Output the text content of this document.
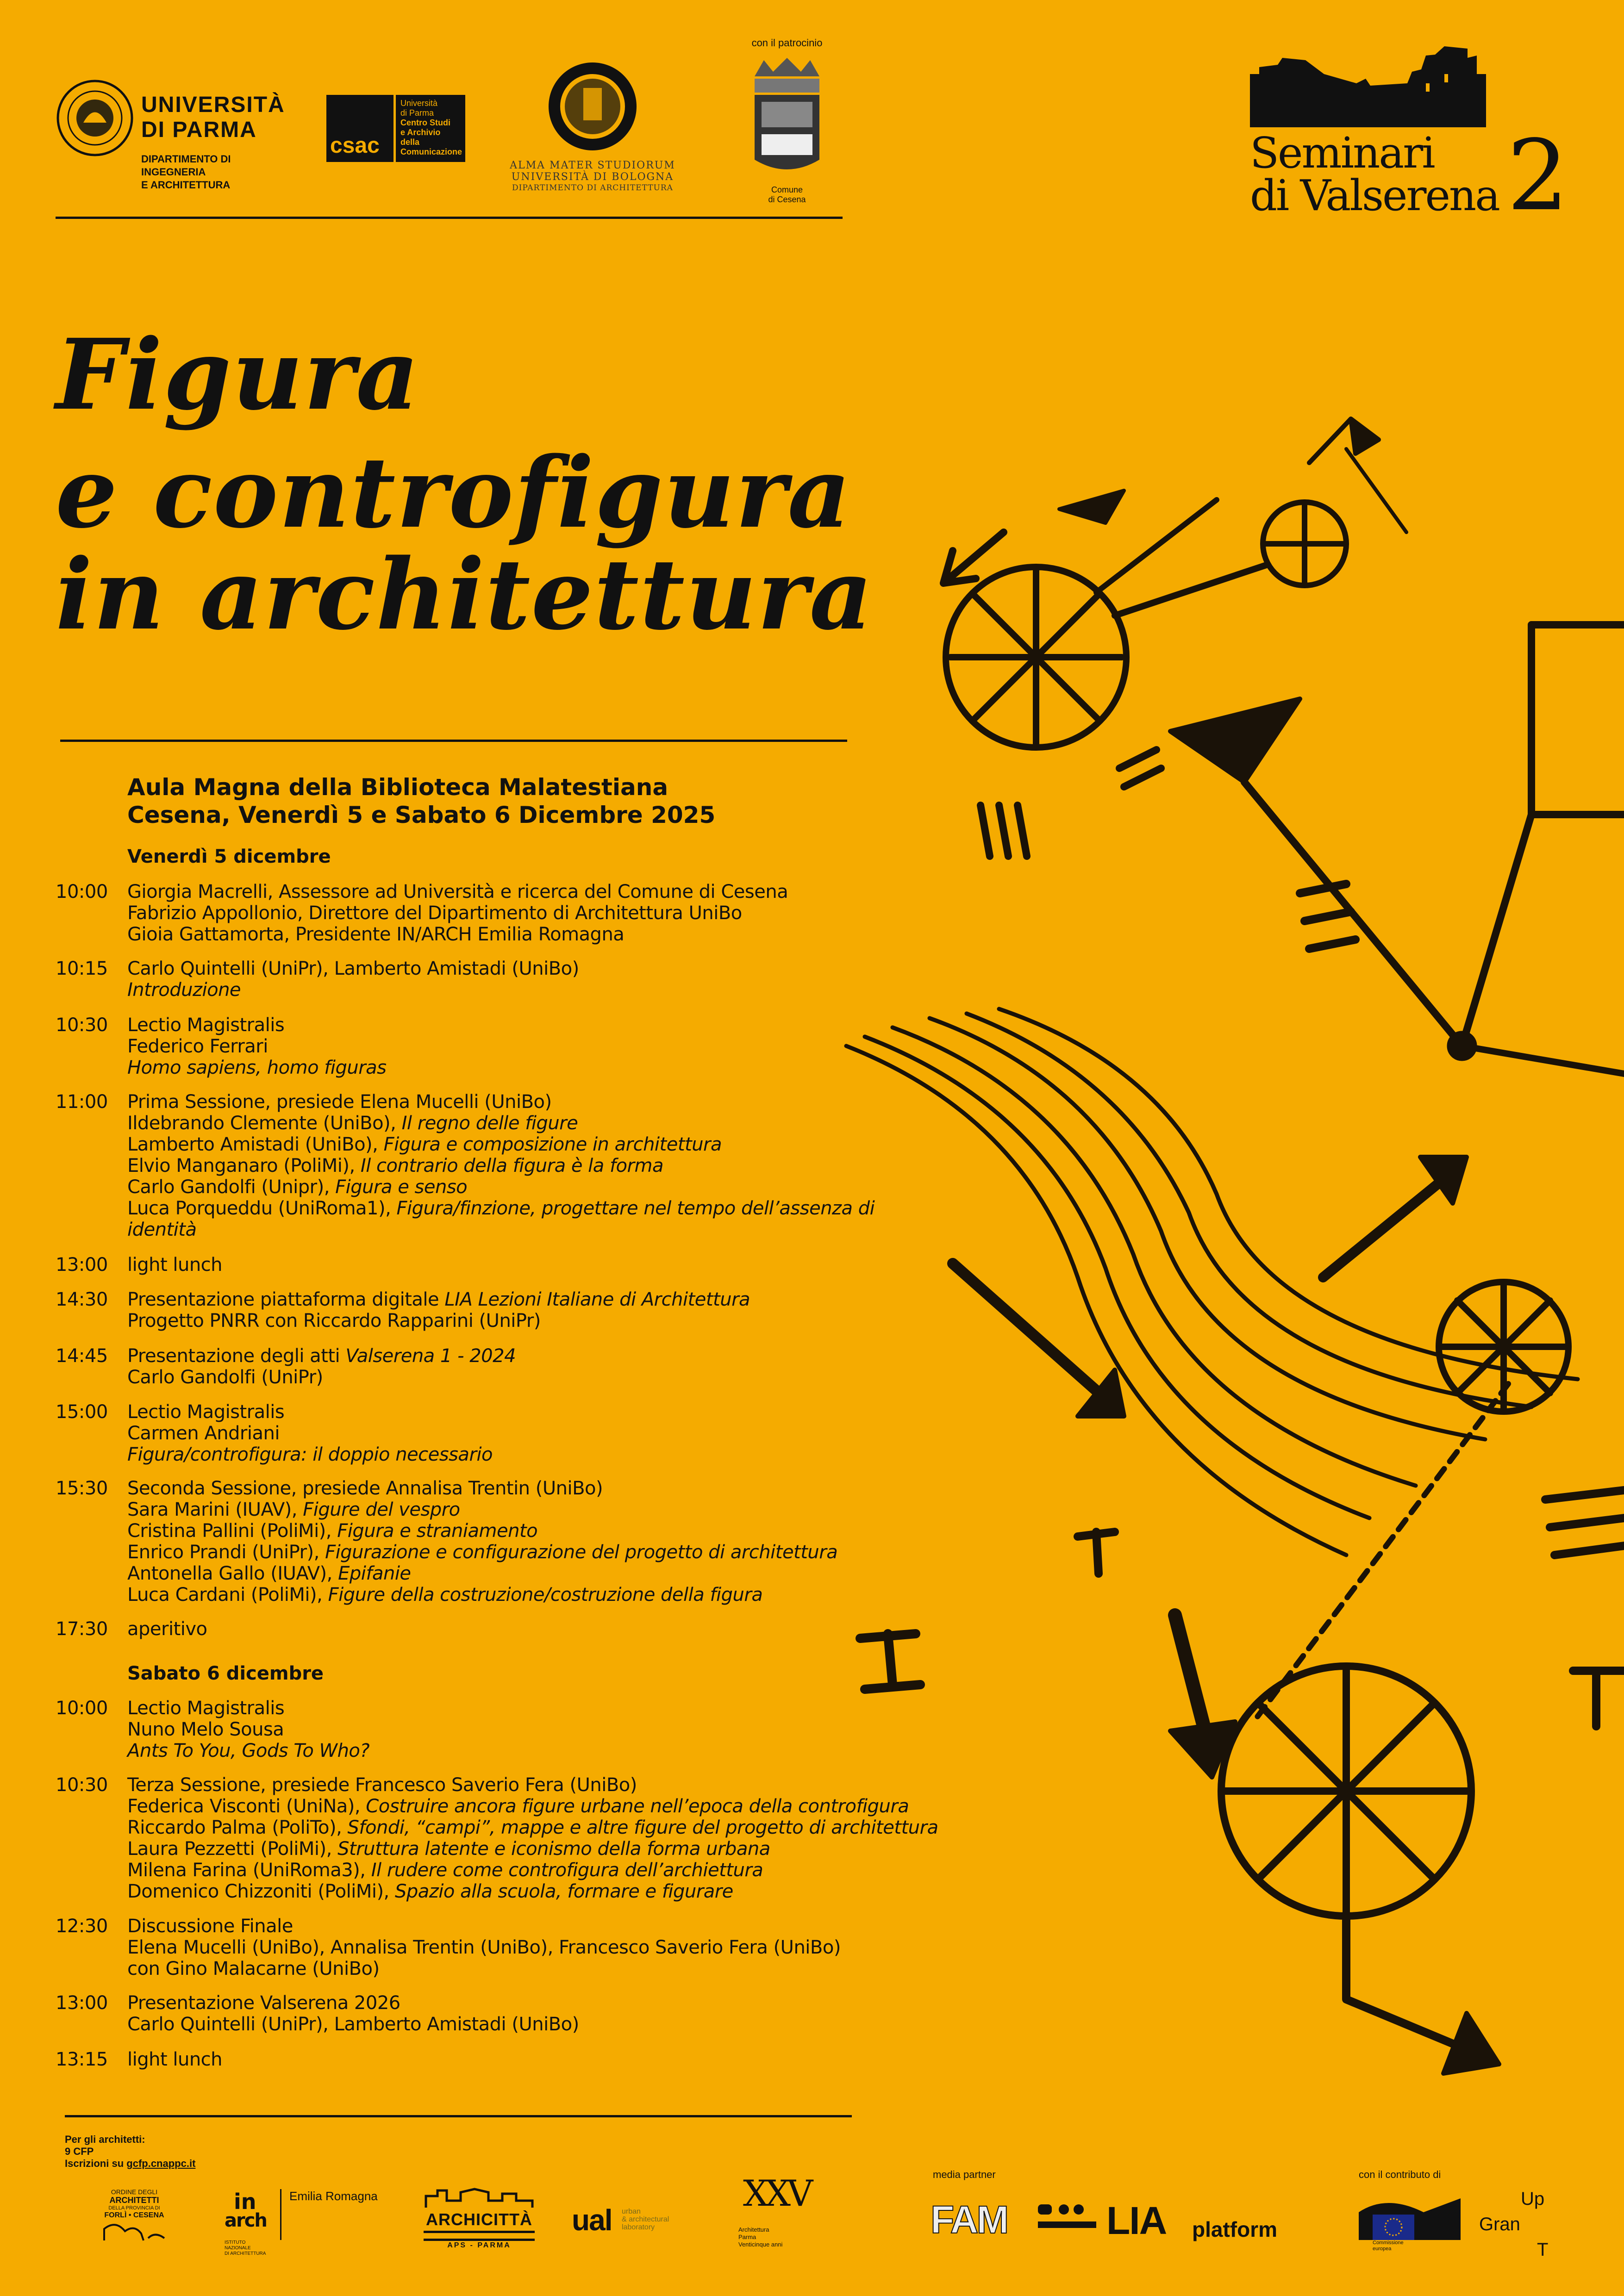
UNIVERSITÀ
DI PARMA
DIPARTIMENTO DI INGEGNERIA
E ARCHITETTURA
csac
Università
di Parma
Centro Studi
e Archivio della
Comunicazione
ALMA MATER STUDIORUM
UNIVERSITÀ DI BOLOGNA
DIPARTIMENTO DI ARCHITETTURA
con il patrocinio
Comune
di Cesena
Seminari
di Valserena 2
Figura
e controfigura
in architettura
Aula Magna della Biblioteca Malatestiana
Cesena, Venerdì 5 e Sabato 6 Dicembre 2025
Venerdì 5 dicembre
10:00	Giorgia Macrelli, Assessore ad Università e ricerca del Comune di Cesena
Fabrizio Appollonio, Direttore del Dipartimento di Architettura UniBo
Gioia Gattamorta, Presidente IN/ARCH Emilia Romagna
10:15	Carlo Quintelli (UniPr), Lamberto Amistadi (UniBo)
Introduzione
10:30	Lectio Magistralis
Federico Ferrari
Homo sapiens, homo figuras
11:00	Prima Sessione, presiede Elena Mucelli (UniBo)
Ildebrando Clemente (UniBo), Il regno delle figure
Lamberto Amistadi (UniBo), Figura e composizione in architettura
Elvio Manganaro (PoliMi), Il contrario della figura è la forma
Carlo Gandolfi (Unipr), Figura e senso
Luca Porqueddu (UniRoma1), Figura/finzione, progettare nel tempo dell’assenza di
identità
13:00	light lunch
14:30	Presentazione piattaforma digitale LIA Lezioni Italiane di Architettura
Progetto PNRR con Riccardo Rapparini (UniPr)
14:45	Presentazione degli atti Valserena 1 - 2024
Carlo Gandolfi (UniPr)
15:00	Lectio Magistralis
Carmen Andriani
Figura/controfigura: il doppio necessario
15:30	Seconda Sessione, presiede Annalisa Trentin (UniBo)
Sara Marini (IUAV), Figure del vespro
Cristina Pallini (PoliMi), Figura e straniamento
Enrico Prandi (UniPr), Figurazione e configurazione del progetto di architettura
Antonella Gallo (IUAV), Epifanie
Luca Cardani (PoliMi), Figure della costruzione/costruzione della figura
17:30	aperitivo
Sabato 6 dicembre
10:00	Lectio Magistralis
Nuno Melo Sousa
Ants To You, Gods To Who?
10:30	Terza Sessione, presiede Francesco Saverio Fera (UniBo)
Federica Visconti (UniNa), Costruire ancora figure urbane nell’epoca della controfigura
Riccardo Palma (PoliTo), Sfondi, “campi”, mappe e altre figure del progetto di architettura
Laura Pezzetti (PoliMi), Struttura latente e iconismo della forma urbana
Milena Farina (UniRoma3), Il rudere come controfigura dell’archiettura
Domenico Chizzoniti (PoliMi), Spazio alla scuola, formare e figurare
12:30	Discussione Finale
Elena Mucelli (UniBo), Annalisa Trentin (UniBo), Francesco Saverio Fera (UniBo)
con Gino Malacarne (UniBo)
13:00	Presentazione Valserena 2026
Carlo Quintelli (UniPr), Lamberto Amistadi (UniBo)
13:15	light lunch
Per gli architetti:
9 CFP
Iscrizioni su gcfp.cnappc.it
ORDINE DEGLI
ARCHITETTI
DELLA PROVINCIA DI
FORLÌ • CESENA
in
arch
Emilia Romagna
ISTITUTO
NAZIONALE
DI ARCHITETTURA
ARCHICITTÀ
APS - PARMA
ual urban
& architectural
laboratory
XXV
Architettura
Parma
Venticinque anni
media partner
FAM	LIA platform
con il contributo di
Commissione
europea
Up
Gran
T
